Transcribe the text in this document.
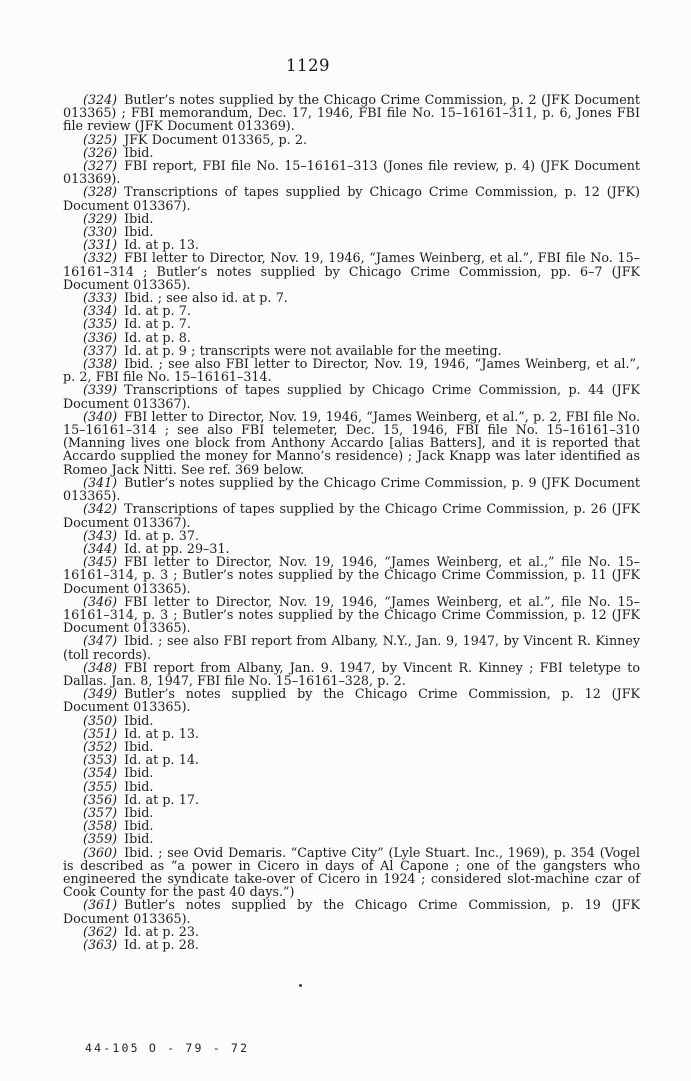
1129

(324) Butler’s notes supplied by the Chicago Crime Commission, p. 2 (JFK Document 013365) ; FBI memorandum, Dec. 17, 1946, FBI file No. 15–16161–311, p. 6, Jones FBI file review (JFK Document 013369).

(325) JFK Document 013365, p. 2.

(326) Ibid.

(327) FBI report, FBI file No. 15–16161–313 (Jones file review, p. 4) (JFK Document 013369).

(328) Transcriptions of tapes supplied by Chicago Crime Commission, p. 12 (JFK) Document 013367).

(329) Ibid.

(330) Ibid.

(331) Id. at p. 13.

(332) FBI letter to Director, Nov. 19, 1946, “James Weinberg, et al.”, FBI file No. 15–16161–314 ; Butler’s notes supplied by Chicago Crime Commission, pp. 6–7 (JFK Document 013365).

(333) Ibid. ; see also id. at p. 7.

(334) Id. at p. 7.

(335) Id. at p. 7.

(336) Id. at p. 8.

(337) Id. at p. 9 ; transcripts were not available for the meeting.

(338) Ibid. ; see also FBI letter to Director, Nov. 19, 1946, “James Weinberg, et al.”, p. 2, FBI file No. 15–16161–314.

(339) Transcriptions of tapes supplied by Chicago Crime Commission, p. 44 (JFK Document 013367).

(340) FBI letter to Director, Nov. 19, 1946, “James Weinberg, et al.”, p. 2, FBI file No. 15–16161–314 ; see also FBI telemeter, Dec. 15, 1946, FBI file No. 15–16161–310 (Manning lives one block from Anthony Accardo [alias Batters], and it is reported that Accardo supplied the money for Manno’s residence) ; Jack Knapp was later identified as Romeo Jack Nitti. See ref. 369 below.

(341) Butler’s notes supplied by the Chicago Crime Commission, p. 9 (JFK Document 013365).

(342) Transcriptions of tapes supplied by the Chicago Crime Commission, p. 26 (JFK Document 013367).

(343) Id. at p. 37.

(344) Id. at pp. 29–31.

(345) FBI letter to Director, Nov. 19, 1946, “James Weinberg, et al.,” file No. 15–16161–314, p. 3 ; Butler’s notes supplied by the Chicago Crime Commission, p. 11 (JFK Document 013365).

(346) FBI letter to Director, Nov. 19, 1946, “James Weinberg, et al.”, file No. 15–16161–314, p. 3 ; Butler’s notes supplied by the Chicago Crime Commission, p. 12 (JFK Document 013365).

(347) Ibid. ; see also FBI report from Albany, N.Y., Jan. 9, 1947, by Vincent R. Kinney (toll records).

(348) FBI report from Albany, Jan. 9. 1947, by Vincent R. Kinney ; FBI teletype to Dallas. Jan. 8, 1947, FBI file No. 15–16161–328, p. 2.

(349) Butler’s notes supplied by the Chicago Crime Commission, p. 12 (JFK Document 013365).

(350) Ibid.

(351) Id. at p. 13.

(352) Ibid.

(353) Id. at p. 14.

(354) Ibid.

(355) Ibid.

(356) Id. at p. 17.

(357) Ibid.

(358) Ibid.

(359) Ibid.

(360) Ibid. ; see Ovid Demaris. “Captive City” (Lyle Stuart. Inc., 1969), p. 354 (Vogel is described as “a power in Cicero in days of Al Capone ; one of the gangsters who engineered the syndicate take-over of Cicero in 1924 ; considered slot-machine czar of Cook County for the past 40 days.”)

(361) Butler’s notes supplied by the Chicago Crime Commission, p. 19 (JFK Document 013365).

(362) Id. at p. 23.

(363) Id. at p. 28.

44-105 O - 79 - 72
